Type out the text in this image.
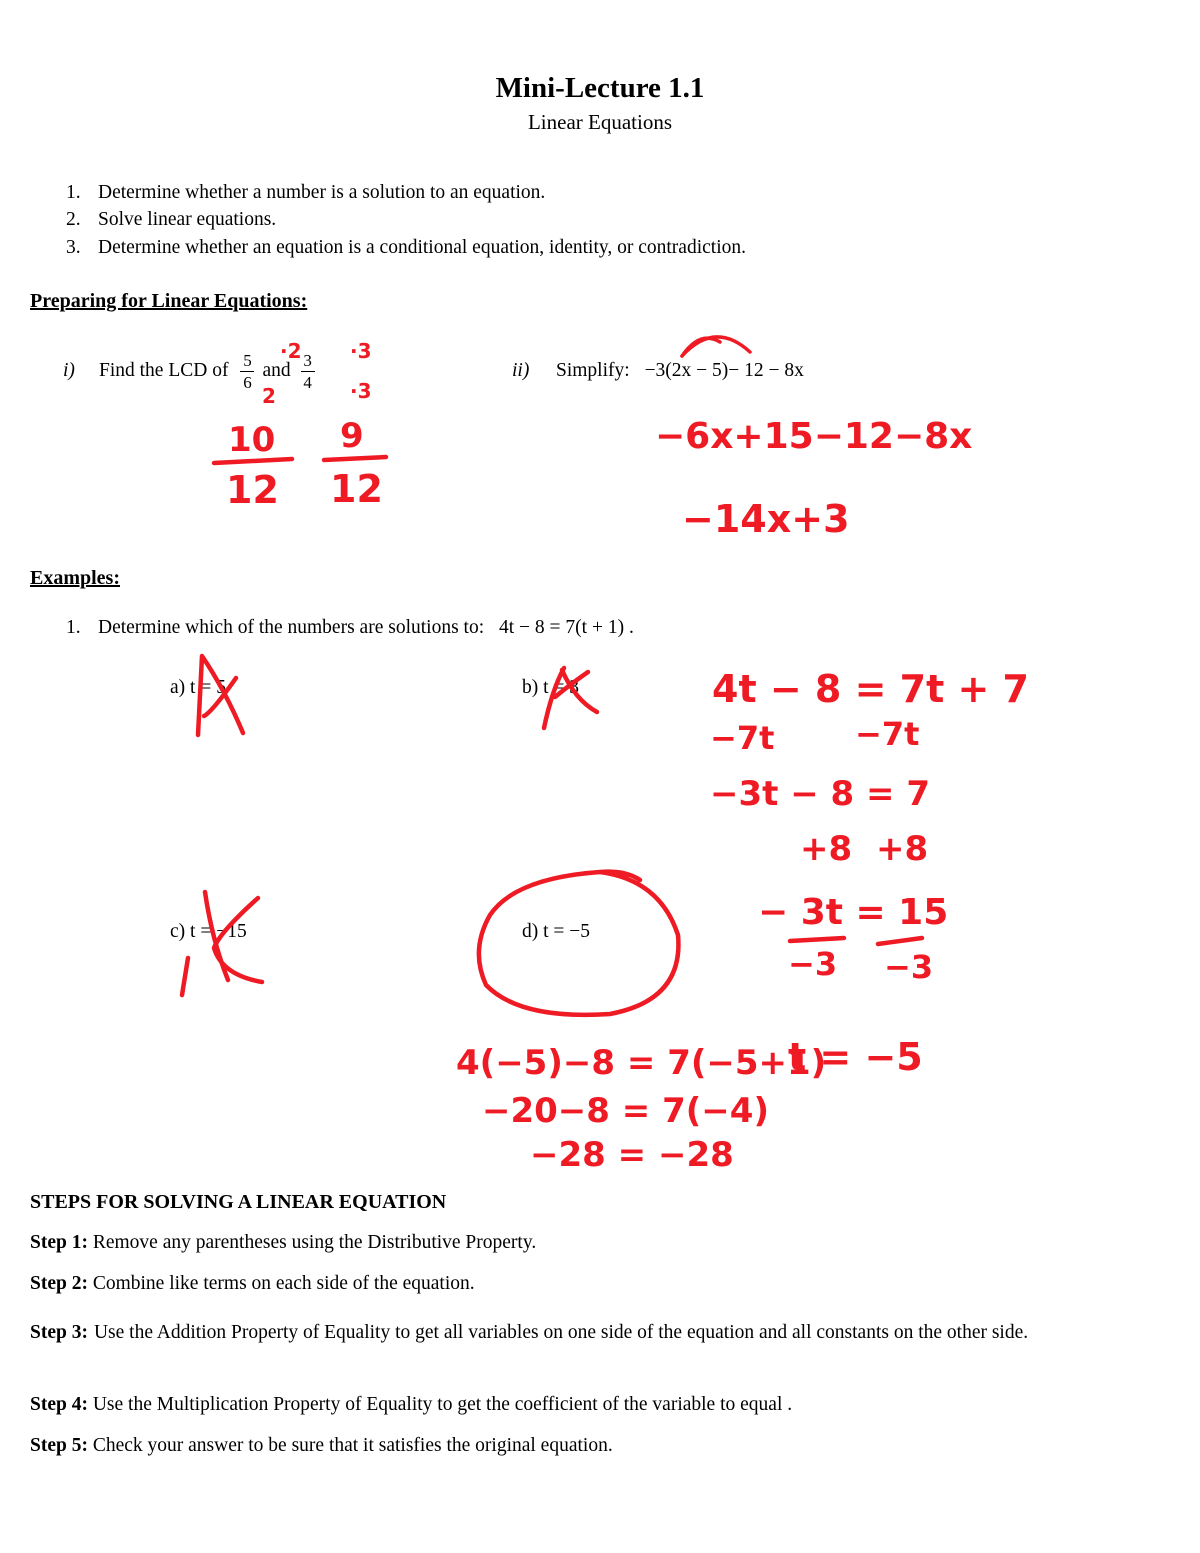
Mini-Lecture 1.1
Linear Equations
1. Determine whether a number is a solution to an equation.
2. Solve linear equations.
3. Determine whether an equation is a conditional equation, identity, or contradiction.
Preparing for Linear Equations:
i)	Find the LCD of $\frac{5}{6}$ and $\frac{3}{4}$	ii) Simplify: −3(2x − 5)− 12 − 8x
Examples:
1. Determine which of the numbers are solutions to: 4t − 8 = 7(t + 1) .
a) t = 5	b) t = 3
c) t = −15	d) t = −5
·2
2
·3
·3
10
12
9
12
−6x+15−12−8x
−14x+3
4t − 8 = 7t + 7
−7t	−7t
−3t − 8 = 7
+8 +8
− 3t = 15
−3 −3
4(−5)−8 = 7(−5+1)
t = −5
−20−8 = 7(−4)
−28 = −28
STEPS FOR SOLVING A LINEAR EQUATION
Step 1: Remove any parentheses using the Distributive Property.
Step 2: Combine like terms on each side of the equation.
Step 3: Use the Addition Property of Equality to get all variables on one side of the equation and all constants on the other side.
Step 4: Use the Multiplication Property of Equality to get the coefficient of the variable to equal .
Step 5: Check your answer to be sure that it satisfies the original equation.
